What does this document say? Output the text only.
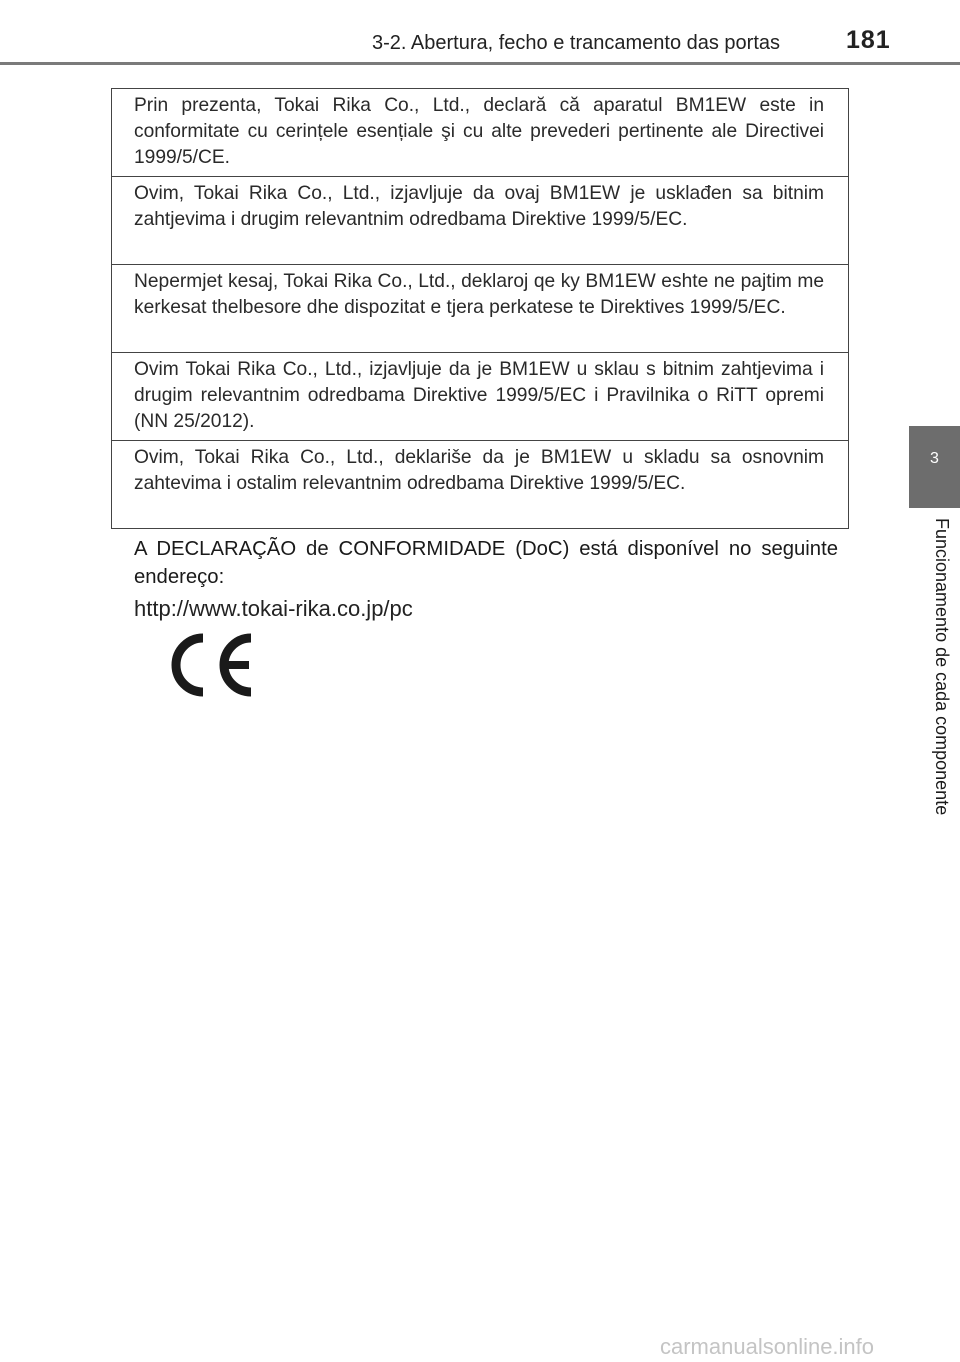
3-2. Abertura, fecho e trancamento das portas	181
3
Funcionamento de cada componente
Prin prezenta, Tokai Rika Co., Ltd., declară că aparatul BM1EW este in conformitate cu cerințele esențiale şi cu alte prevederi pertinente ale Directivei 1999/5/CE.
Ovim, Tokai Rika Co., Ltd., izjavljuje da ovaj BM1EW je usklađen sa bitnim zahtjevima i drugim relevantnim odredbama Direktive 1999/5/EC.
Nepermjet kesaj, Tokai Rika Co., Ltd., deklaroj qe ky BM1EW eshte ne pajtim me kerkesat thelbesore dhe dispozitat e tjera perkatese te Direktives 1999/5/EC.
Ovim Tokai Rika Co., Ltd., izjavljuje da je BM1EW u sklau s bitnim zahtjevima i drugim relevantnim odredbama Direktive 1999/5/EC i Pravilnika o RiTT opremi (NN 25/2012).
Ovim, Tokai Rika Co., Ltd., deklariše da je BM1EW u skladu sa osnovnim zahtevima i ostalim relevantnim odredbama Direktive 1999/5/EC.
A DECLARAÇÃO de CONFORMIDADE (DoC) está disponível no seguinte endereço:
http://www.tokai-rika.co.jp/pc
carmanualsonline.info
